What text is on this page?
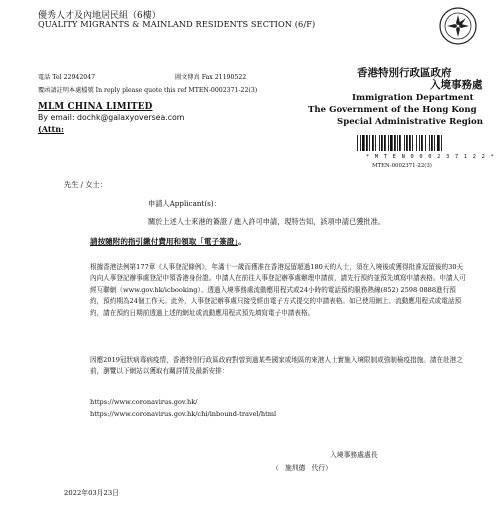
優秀人才及內地居民組（6樓）
QUALITY MIGRANTS & MAINLAND RESIDENTS SECTION (6/F)
電話 Tel 22942047	圖文傳真 Fax 21190522
覆函請註明本處檔號 In reply please quote this ref MTEN-0002371-22(3)
香港特別行政區政府
入境事務處
Immigration Department
The Government of the Hong Kong
Special Administrative Region
MLM CHINA LIMITED
By email: dochk@galaxyoversea.com
(Attn:
* M T E N 0 0 0 2 3 7 1 2 2 *
MTEN-0002371-22(3)
先生 / 女士：
申請人Applicant(s)：
關於上述人士來港的簽證 / 進入許可申請，現特告知，該項申請已獲批准。
請按隨附的指引繳付費用和領取「電子簽證」。
根據香港法例第177章《人事登記條例》，年滿十一歲而獲准在香港逗留超過180天的人士，須在入境後或獲得批准逗留後的30天內向人事登記辦事處登記申領香港身份證。申請人在前往人事登記辦事處辦理申請前，請先行預約並預先填寫申請表格。申請人可經互聯網（www.gov.hk/icbooking）、透過入境事務處流動應用程式或24小時的電話預約服務熱線(852) 2598 0888進行預約，預約期為24個工作天。此外，人事登記辦事處只接受經由電子方式提交的申請表格。如已使用網上、流動應用程式或電話預約，請在預約日期前透過上述的網址或流動應用程式預先填寫電子申請表格。
因應2019冠狀病毒病疫情，香港特別行政區政府對曾到過某些國家或地區的來港人士實施入境限制或強制檢疫措施。請在赴港之前，瀏覽以下網站以獲取有關詳情及最新安排：
https://www.coronavirus.gov.hk/
https://www.coronavirus.gov.hk/chi/inbound-travel/html
入境事務處處長
（ 施圳德 代行）
2022年03月23日
